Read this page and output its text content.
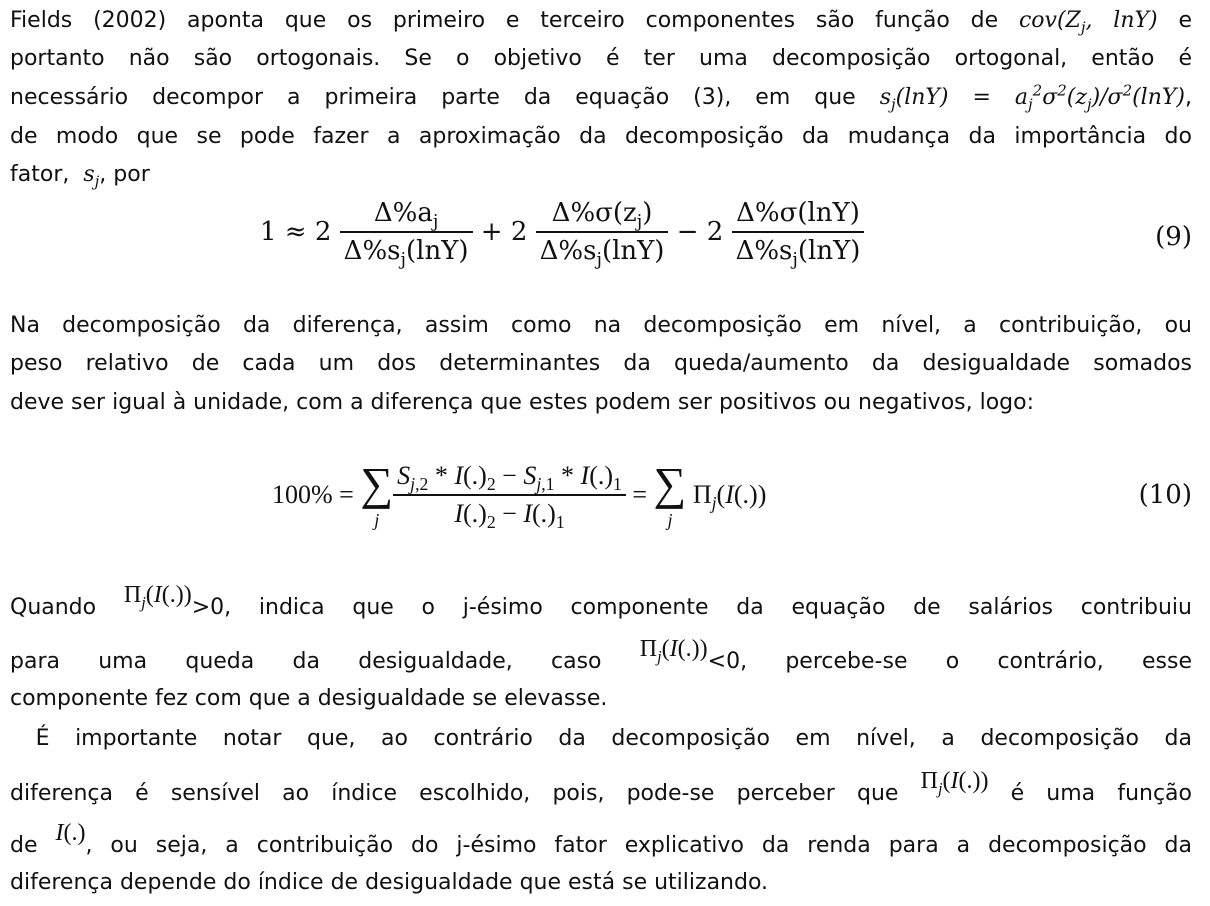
Fields (2002) aponta que os primeiro e terceiro componentes são função de $cov(Z_j$, lnY) e
portanto não são ortogonais. Se o objetivo é ter uma decomposição ortogonal, então é
necessário decompor a primeira parte da equação (3), em que $s_j(\ln Y) = a_j^2\sigma^2(z_j)/\sigma^2(\ln Y)$,
de modo que se pode fazer a aproximação da decomposição da mudança da importância do
fator,  $s_j$, por
$1 \approx 2 \frac{\Delta\%a_j}{\Delta\%s_j(\ln Y)} + 2 \frac{\Delta\%\sigma(z_j)}{\Delta\%s_j(\ln Y)} - 2 \frac{\Delta\%\sigma(\ln Y)}{\Delta\%s_j(\ln Y)}$	(9)
Na decomposição da diferença, assim como na decomposição em nível, a contribuição, ou
peso relativo de cada um dos determinantes da queda/aumento da desigualdade somados
deve ser igual à unidade, com a diferença que estes podem ser positivos ou negativos, logo:
100% = ∑
j $\frac{S_{j,2} * I(.)_2 - S_{j,1} * I(.)_1}{I(.)_2 - I(.)_1}$ = ∑
j
$\Pi_j(I(.))$	(10)
Quando $\Pi_j(I(.))>0$, indica que o j-ésimo componente da equação de salários contribuiu
para uma queda da desigualdade, caso $\Pi_j(I(.))<0$, percebe-se o contrário, esse
componente fez com que a desigualdade se elevasse.
É importante notar que, ao contrário da decomposição em nível, a decomposição da
diferença é sensível ao índice escolhido, pois, pode-se perceber que $\Pi_j(I(.))$ é uma função
de I(.), ou seja, a contribuição do j-ésimo fator explicativo da renda para a decomposição da
diferença depende do índice de desigualdade que está se utilizando.
